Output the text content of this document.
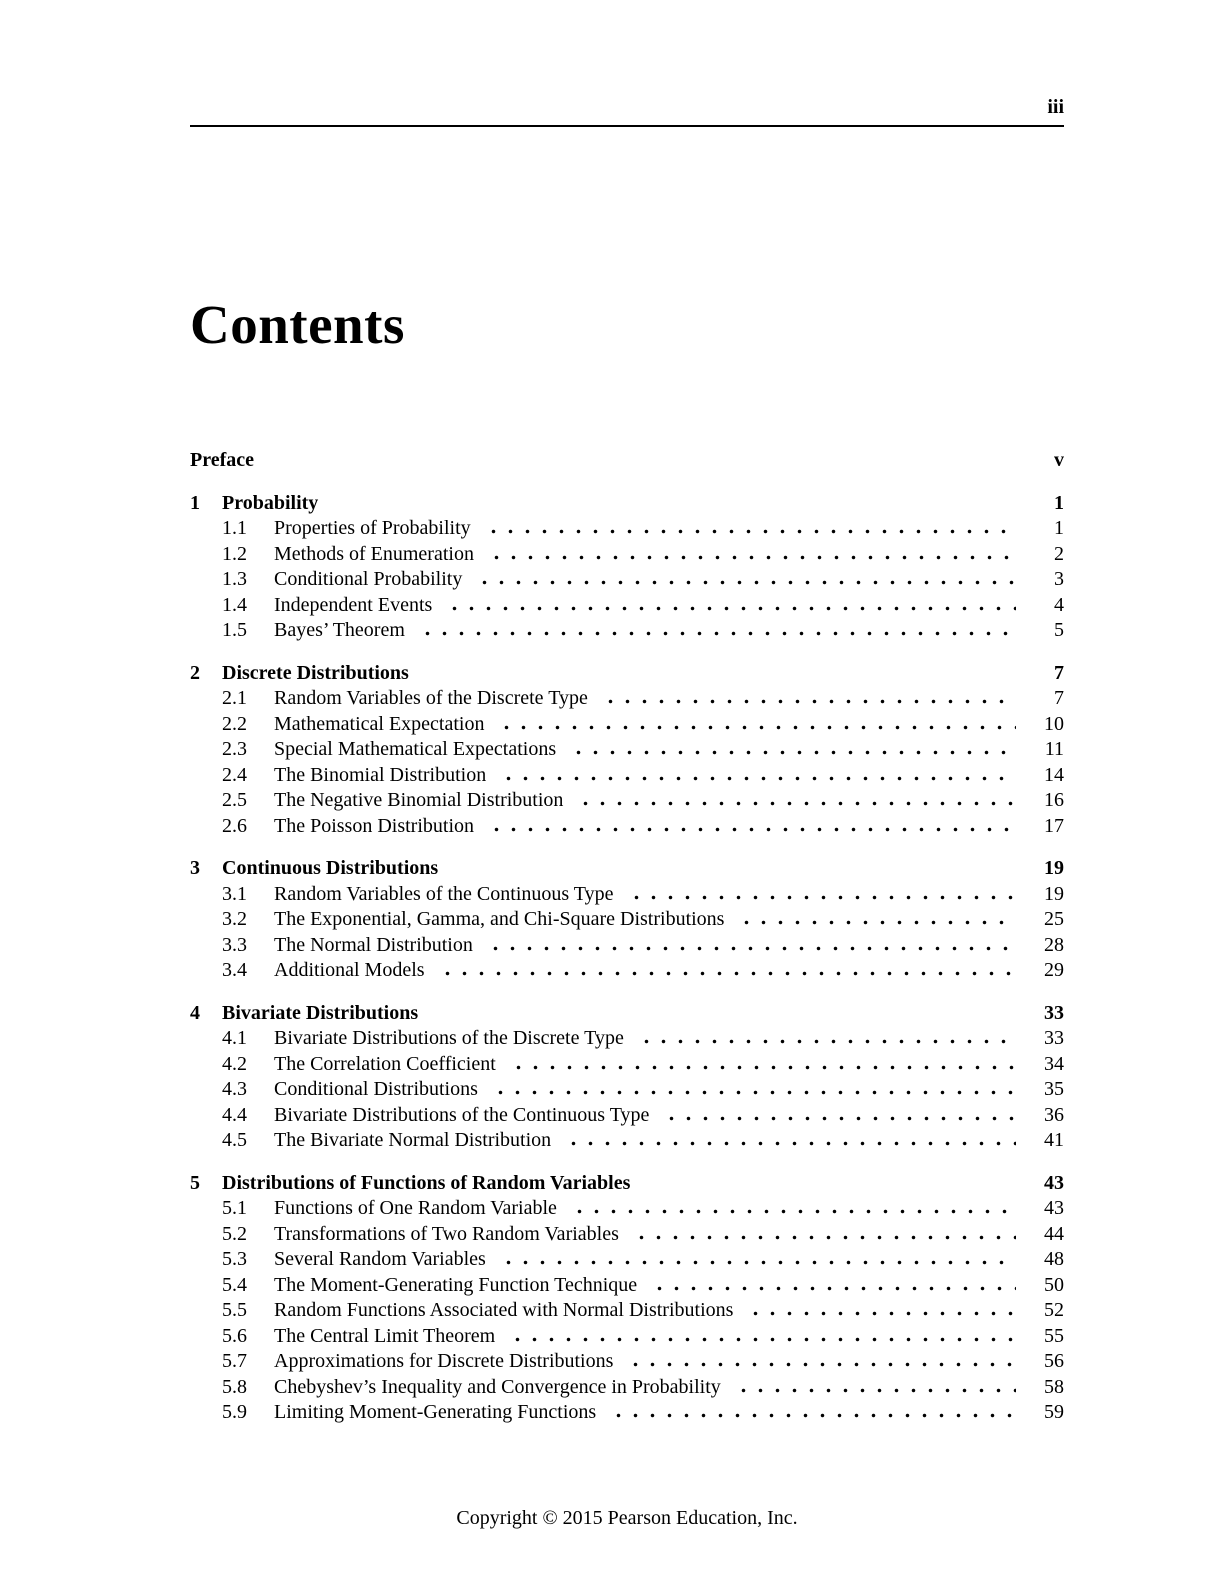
iii
Contents
Preface	v
1	Probability	1
1.1	Properties of Probability	1
1.2	Methods of Enumeration	2
1.3	Conditional Probability	3
1.4	Independent Events	4
1.5	Bayes’ Theorem	5
2	Discrete Distributions	7
2.1	Random Variables of the Discrete Type	7
2.2	Mathematical Expectation	10
2.3	Special Mathematical Expectations	11
2.4	The Binomial Distribution	14
2.5	The Negative Binomial Distribution	16
2.6	The Poisson Distribution	17
3	Continuous Distributions	19
3.1	Random Variables of the Continuous Type	19
3.2	The Exponential, Gamma, and Chi-Square Distributions	25
3.3	The Normal Distribution	28
3.4	Additional Models	29
4	Bivariate Distributions	33
4.1	Bivariate Distributions of the Discrete Type	33
4.2	The Correlation Coefficient	34
4.3	Conditional Distributions	35
4.4	Bivariate Distributions of the Continuous Type	36
4.5	The Bivariate Normal Distribution	41
5	Distributions of Functions of Random Variables	43
5.1	Functions of One Random Variable	43
5.2	Transformations of Two Random Variables	44
5.3	Several Random Variables	48
5.4	The Moment-Generating Function Technique	50
5.5	Random Functions Associated with Normal Distributions	52
5.6	The Central Limit Theorem	55
5.7	Approximations for Discrete Distributions	56
5.8	Chebyshev’s Inequality and Convergence in Probability	58
5.9	Limiting Moment-Generating Functions	59
Copyright © 2015 Pearson Education, Inc.
